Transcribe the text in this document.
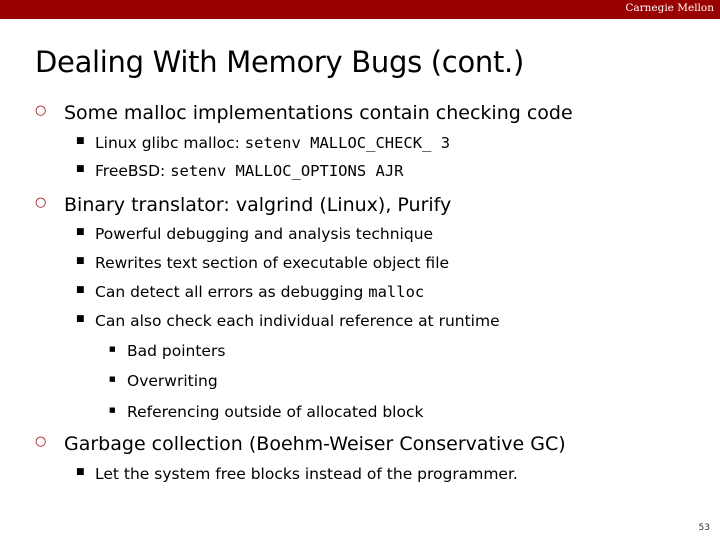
Carnegie Mellon
Dealing With Memory Bugs (cont.)
○ Some malloc implementations contain checking code
■ Linux glibc malloc: setenv MALLOC_CHECK_ 3
■ FreeBSD: setenv MALLOC_OPTIONS AJR
○ Binary translator: valgrind (Linux), Purify
■ Powerful debugging and analysis technique
■ Rewrites text section of executable object file
■ Can detect all errors as debugging malloc
■ Can also check each individual reference at runtime
■ Bad pointers
■ Overwriting
■ Referencing outside of allocated block
○ Garbage collection (Boehm-Weiser Conservative GC)
■ Let the system free blocks instead of the programmer.
53
